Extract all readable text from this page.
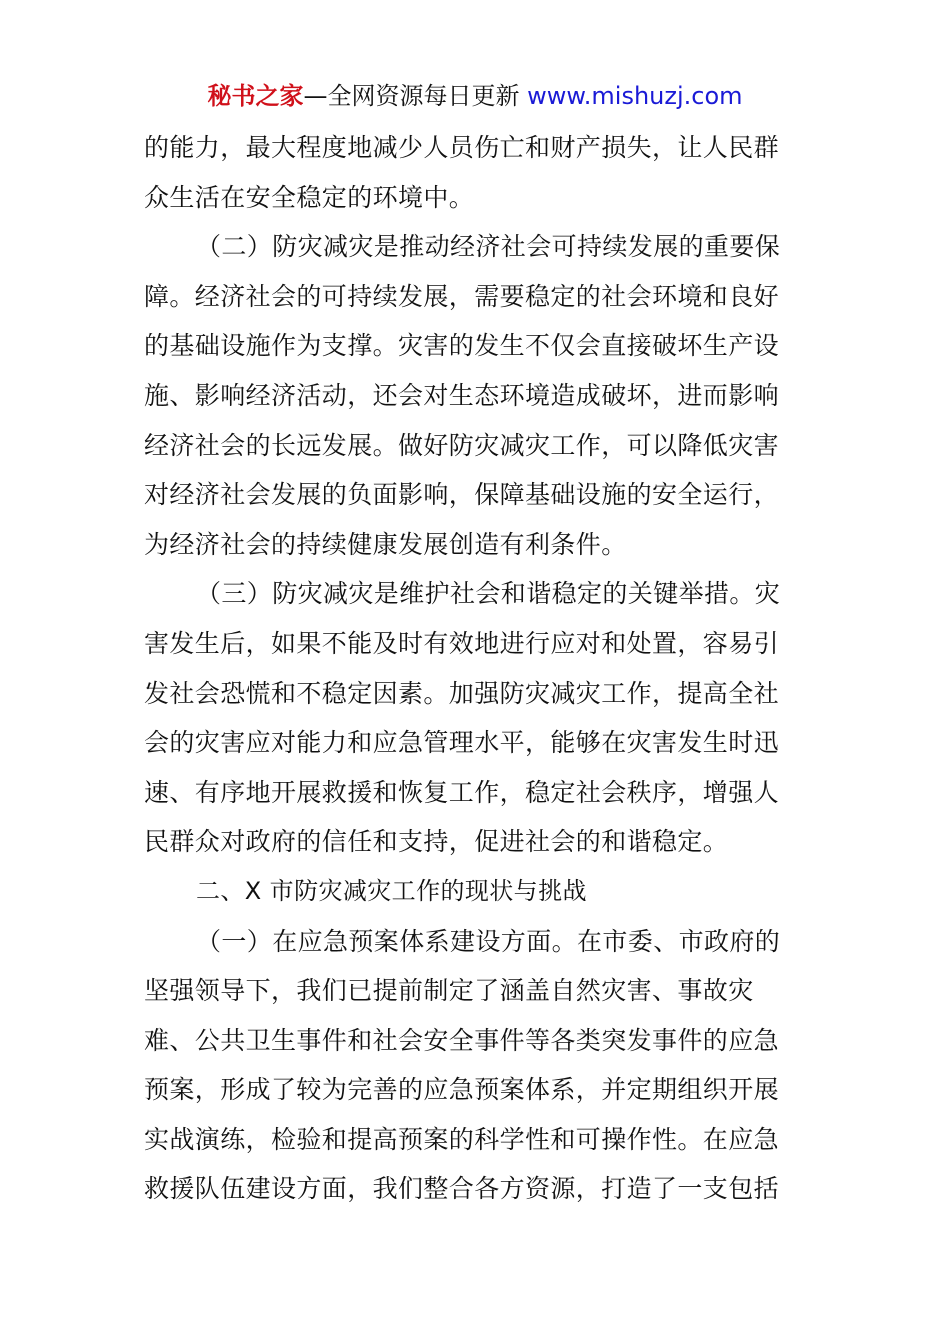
秘书之家—全网资源每日更新 www.mishuzj.com
的能力，最大程度地减少人员伤亡和财产损失，让人民群
众生活在安全稳定的环境中。
（二）防灾减灾是推动经济社会可持续发展的重要保
障。经济社会的可持续发展，需要稳定的社会环境和良好
的基础设施作为支撑。灾害的发生不仅会直接破坏生产设
施、影响经济活动，还会对生态环境造成破坏，进而影响
经济社会的长远发展。做好防灾减灾工作，可以降低灾害
对经济社会发展的负面影响，保障基础设施的安全运行，
为经济社会的持续健康发展创造有利条件。
（三）防灾减灾是维护社会和谐稳定的关键举措。灾
害发生后，如果不能及时有效地进行应对和处置，容易引
发社会恐慌和不稳定因素。加强防灾减灾工作，提高全社
会的灾害应对能力和应急管理水平，能够在灾害发生时迅
速、有序地开展救援和恢复工作，稳定社会秩序，增强人
民群众对政府的信任和支持，促进社会的和谐稳定。
二、X 市防灾减灾工作的现状与挑战
（一）在应急预案体系建设方面。在市委、市政府的
坚强领导下，我们已提前制定了涵盖自然灾害、事故灾
难、公共卫生事件和社会安全事件等各类突发事件的应急
预案，形成了较为完善的应急预案体系，并定期组织开展
实战演练，检验和提高预案的科学性和可操作性。在应急
救援队伍建设方面，我们整合各方资源，打造了一支包括
